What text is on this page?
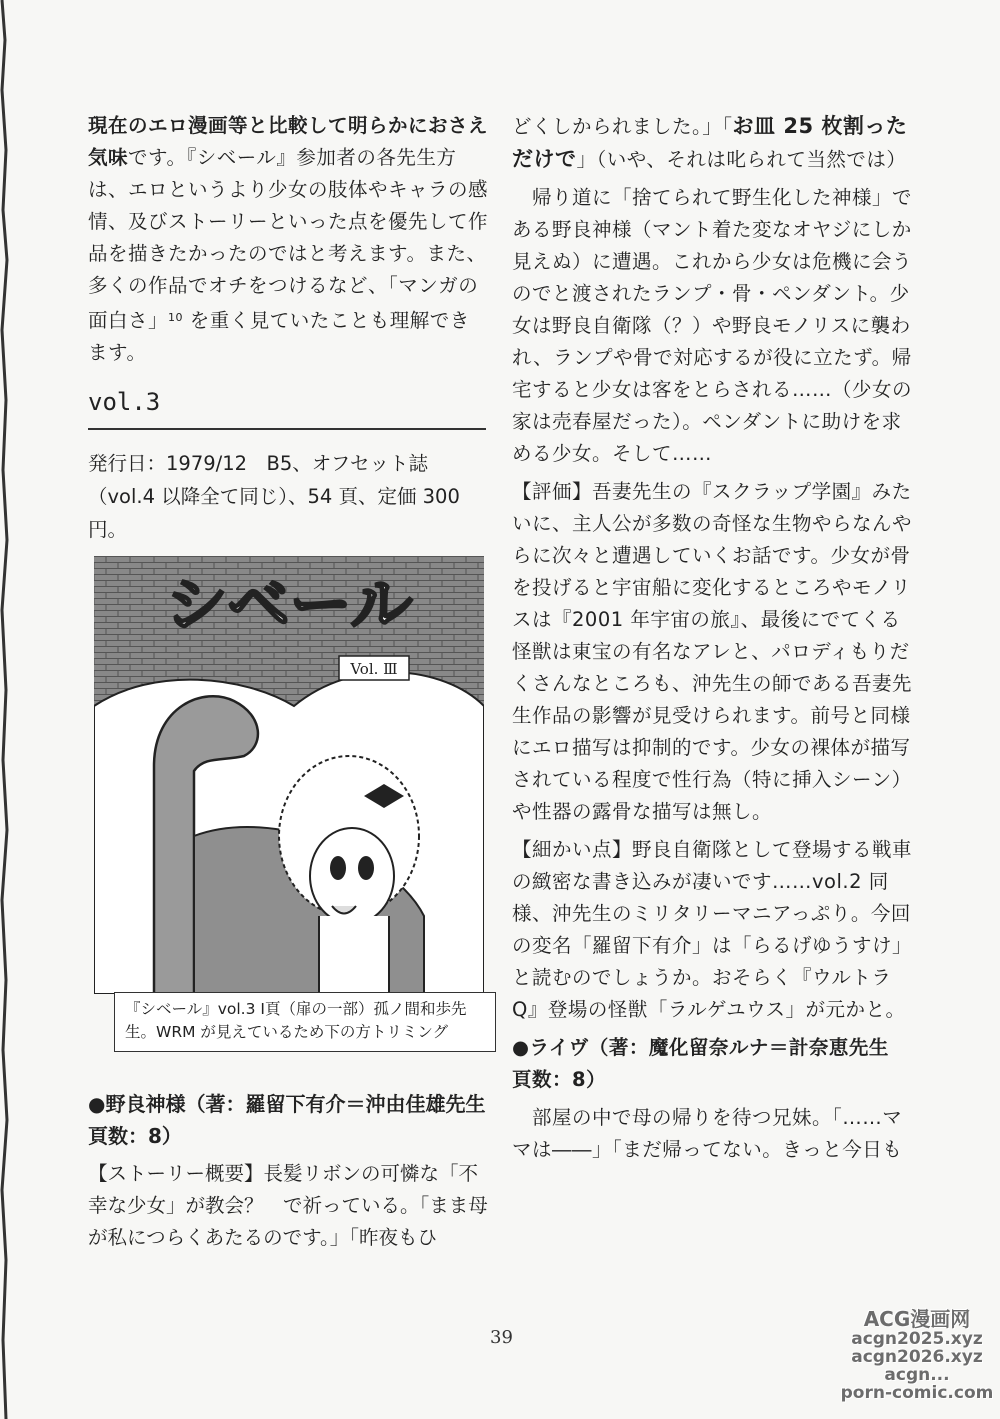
現在のエロ漫画等と比較して明らかにおさえ気味です。『シベール』参加者の各先生方は、エロというより少女の肢体やキャラの感情、及びストーリーといった点を優先して作品を描きたかったのではと考えます。また、多くの作品でオチをつけるなど、「マンガの面白さ」$^{10}$ を重く見ていたことも理解できます。

vol.3
発行日：1979/12　B5、オフセット誌（vol.4 以降全て同じ）、54 頁、定価 300 円。
Vol. Ⅲ
シベール
『シベール』vol.3 Ⅰ頁（扉の一部）孤ノ間和歩先生。WRM が見えているため下の方トリミング
●野良神様（著：羅留下有介＝沖由佳雄先生　頁数：8）
【ストーリー概要】長髪リボンの可憐な「不幸な少女」が教会？　で祈っている。「まま母が私につらくあたるのです。」「昨夜もひ

どくしかられました。」「お皿 25 枚割っただけで」（いや、それは叱られて当然では）

帰り道に「捨てられて野生化した神様」である野良神様（マント着た変なオヤジにしか見えぬ）に遭遇。これから少女は危機に会うのでと渡されたランプ・骨・ペンダント。少女は野良自衛隊（？）や野良モノリスに襲われ、ランプや骨で対応するが役に立たず。帰宅すると少女は客をとらされる……（少女の家は売春屋だった）。ペンダントに助けを求める少女。そして……

【評価】吾妻先生の『スクラップ学園』みたいに、主人公が多数の奇怪な生物やらなんやらに次々と遭遇していくお話です。少女が骨を投げると宇宙船に変化するところやモノリスは『2001 年宇宙の旅』、最後にでてくる怪獣は東宝の有名なアレと、パロディもりだくさんなところも、沖先生の師である吾妻先生作品の影響が見受けられます。前号と同様にエロ描写は抑制的です。少女の裸体が描写されている程度で性行為（特に挿入シーン）や性器の露骨な描写は無し。

【細かい点】野良自衛隊として登場する戦車の緻密な書き込みが凄いです……vol.2 同様、沖先生のミリタリーマニアっぷり。今回の変名「羅留下有介」は「らるげゆうすけ」と読むのでしょうか。おそらく『ウルトラ Q』登場の怪獣「ラルゲユウス」が元かと。

●ライヴ（著：魔化留奈ルナ＝計奈恵先生　頁数：8）

部屋の中で母の帰りを待つ兄妹。「……ママは――」「まだ帰ってない。きっと今日も

39
ACG漫画网
acgn2025.xyz
acgn2026.xyz
acgn...
porn-comic.com
